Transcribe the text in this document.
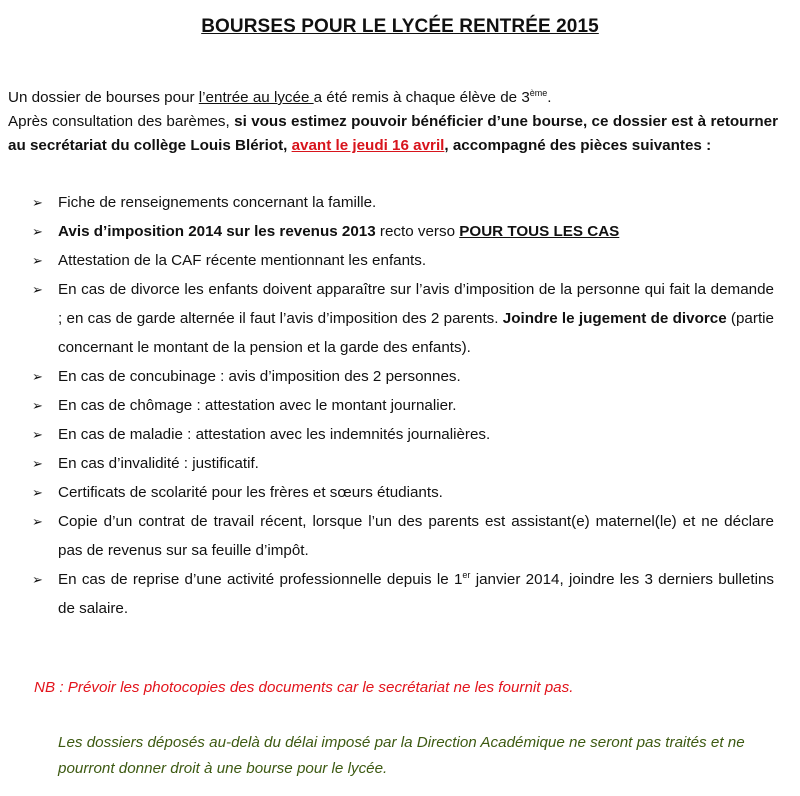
BOURSES POUR LE LYCÉE RENTRÉE 2015
Un dossier de bourses pour l’entrée au lycée a été remis à chaque élève de 3ème.
Après consultation des barèmes, si vous estimez pouvoir bénéficier d’une bourse, ce dossier est à retourner au secrétariat du collège Louis Blériot, avant le jeudi 16 avril, accompagné des pièces suivantes :
➢ Fiche de renseignements concernant la famille.
➢ Avis d’imposition 2014 sur les revenus 2013 recto verso POUR TOUS LES CAS
➢ Attestation de la CAF récente mentionnant les enfants.
➢ En cas de divorce les enfants doivent apparaître sur l’avis d’imposition de la personne qui fait la demande ; en cas de garde alternée il faut l’avis d’imposition des 2 parents. Joindre le jugement de divorce (partie concernant le montant de la pension et la garde des enfants).
➢ En cas de concubinage : avis d’imposition des 2 personnes.
➢ En cas de chômage : attestation avec le montant journalier.
➢ En cas de maladie : attestation avec les indemnités journalières.
➢ En cas d’invalidité : justificatif.
➢ Certificats de scolarité pour les frères et sœurs étudiants.
➢ Copie d’un contrat de travail récent, lorsque l’un des parents est assistant(e) maternel(le) et ne déclare pas de revenus sur sa feuille d’impôt.
➢ En cas de reprise d’une activité professionnelle depuis le 1er janvier 2014, joindre les 3 derniers bulletins de salaire.
NB : Prévoir les photocopies des documents car le secrétariat ne les fournit pas.
Les dossiers déposés au-delà du délai imposé par la Direction Académique ne seront pas traités et ne pourront donner droit à une bourse pour le lycée.
